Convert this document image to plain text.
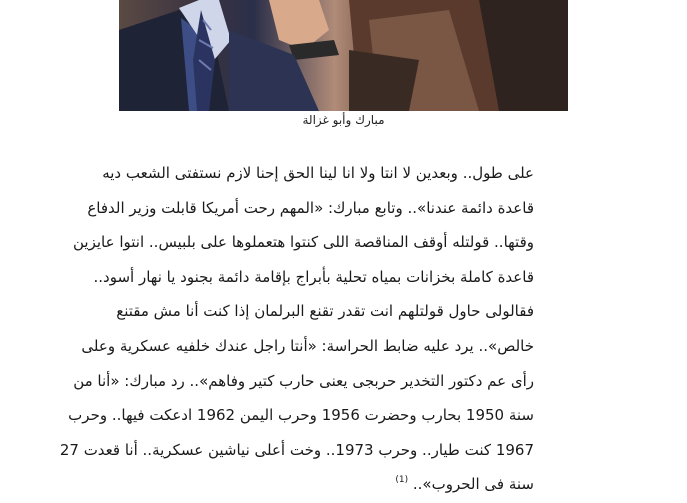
مبارك وأبو غزالة
على طول.. وبعدين لا انتا ولا انا لينا الحق إحنا لازم نستفتى الشعب ديه
قاعدة دائمة عندنا».. وتابع مبارك: «المهم رحت أمريكا قابلت وزير الدفاع
وقتها.. قولتله أوقف المناقصة اللى كنتوا هتعملوها على بلبيس.. انتوا عايزين
قاعدة كاملة بخزانات بمياه تحلية بأبراج بإقامة دائمة بجنود يا نهار أسود..
فقالولى حاول قولتلهم انت تقدر تقنع البرلمان إذا كنت أنا مش مقتنع
خالص».. يرد عليه ضابط الحراسة: «أنتا راجل عندك خلفيه عسكرية وعلى
رأى عم دكتور التخدير حربجى يعنى حارب كتير وفاهم».. رد مبارك: «أنا من
سنة 1950 بحارب وحضرت 1956 وحرب اليمن 1962 ادعكت فيها.. وحرب
1967 كنت طيار.. وحرب 1973.. وخت أعلى نياشين عسكرية.. أنا قعدت 27
سنة فى الحروب».. $^{(1)}$
